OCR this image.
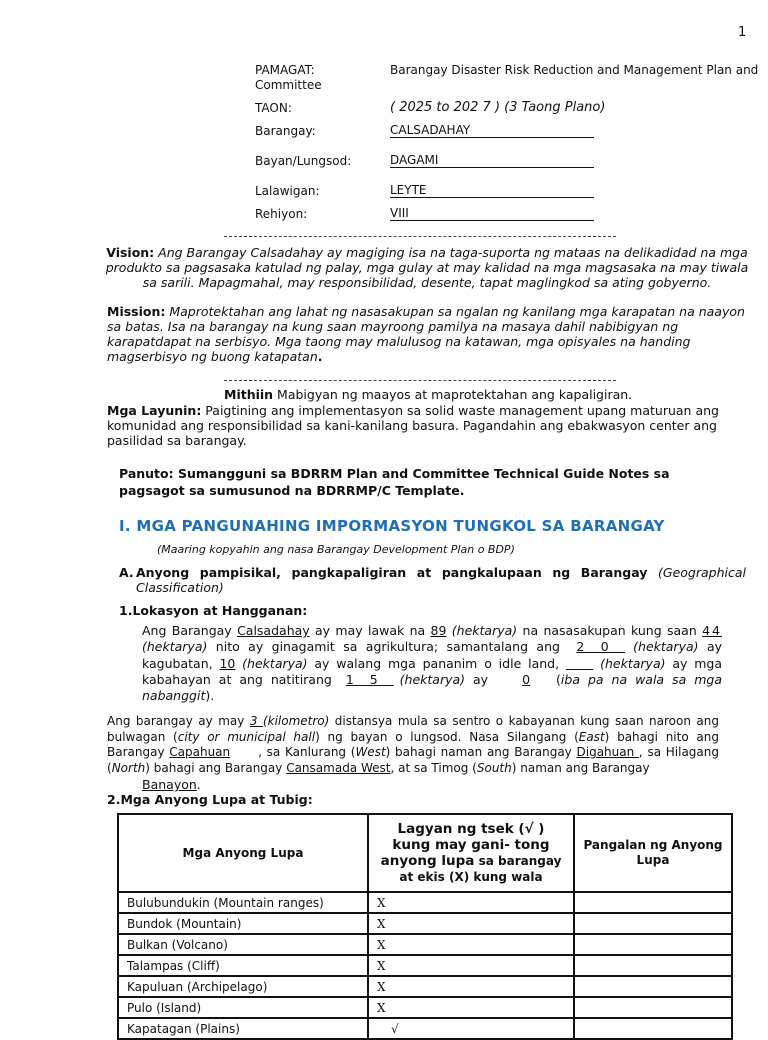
1
PAMAGAT:	Barangay Disaster Risk Reduction and Management Plan and
Committee
TAON:	( 2025 to 202 7 ) (3 Taong Plano)
Barangay:	CALSADAHAY
Bayan/Lungsod:	DAGAMI
Lalawigan:	LEYTE
Rehiyon:	VIII
Vision: Ang Barangay Calsadahay ay magiging isa na taga-suporta ng mataas na delikadidad na mga produkto sa pagsasaka katulad ng palay, mga gulay at may kalidad na mga magsasaka na may tiwala sa sarili. Mapagmahal, may responsibilidad, desente, tapat maglingkod sa ating gobyerno.
Mission: Maprotektahan ang lahat ng nasasakupan sa ngalan ng kanilang mga karapatan na naayon sa batas. Isa na barangay na kung saan mayroong pamilya na masaya dahil nabibigyan ng karapatdapat na serbisyo. Mga taong may malulusog na katawan, mga opisyales na handing magserbisyo ng buong katapatan.
Mithiin Mabigyan ng maayos at maprotektahan ang kapaligiran.
Mga Layunin: Paigtining ang implementasyon sa solid waste management upang maturuan ang komunidad ang responsibilidad sa kani-kanilang basura. Pagandahin ang ebakwasyon center ang pasilidad sa barangay.
Panuto: Sumangguni sa BDRRM Plan and Committee Technical Guide Notes sa pagsagot sa sumusunod na BDRRMP/C Template.
I. MGA PANGUNAHING IMPORMASYON TUNGKOL SA BARANGAY
(Maaring kopyahin ang nasa Barangay Development Plan o BDP)
A. Anyong pampisikal, pangkapaligiran at pangkalupaan ng Barangay (Geographical Classification)
1.Lokasyon at Hangganan:
Ang Barangay Calsadahay ay may lawak na 89 (hektarya) na nasasakupan kung saan 44 (hektarya) nito ay ginagamit sa agrikultura; samantalang ang 2 0 (hektarya) ay kagubatan, 10 (hektarya) ay walang mga pananim o idle land,      (hektarya) ay mga kabahayan at ang natitirang 1 5 (hektarya) ay 0 (iba pa na wala sa mga nabanggit).
Ang barangay ay may 3 (kilometro) distansya mula sa sentro o kabayanan kung saan naroon ang bulwagan (city or municipal hall) ng bayan o lungsod. Nasa Silangang (East) bahagi nito ang Barangay Capahuan , sa Kanlurang (West) bahagi naman ang Barangay Digahuan , sa Hilagang (North) bahagi ang Barangay Cansamada West, at sa Timog (South) naman ang Barangay
Banayon.
2.Mga Anyong Lupa at Tubig:
Mga Anyong Lupa	Lagyan ng tsek (√ ) kung may gani- tong anyong lupa sa barangay at ekis (X) kung wala	Pangalan ng Anyong Lupa
Bulubundukin (Mountain ranges)	X	
Bundok (Mountain)	X	
Bulkan (Volcano)	X	
Talampas (Cliff)	X	
Kapuluan (Archipelago)	X	
Pulo (Island)	X	
Kapatagan (Plains)	√	
